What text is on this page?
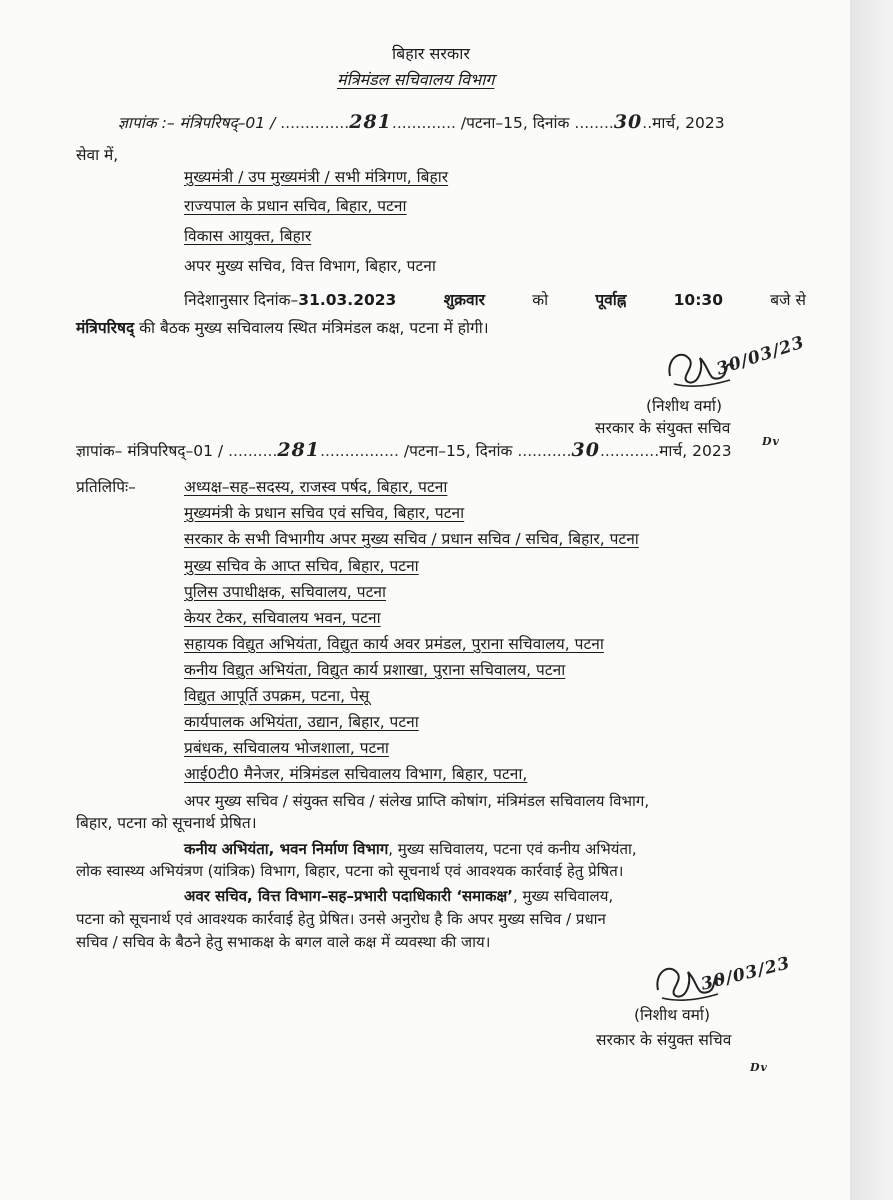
बिहार सरकार
मंत्रिमंडल सचिवालय विभाग
ज्ञापांक :– मंत्रिपरिषद्–01 / ..............281............. /पटना–15, दिनांक ........30..मार्च, 2023
सेवा में,
मुख्यमंत्री / उप मुख्यमंत्री / सभी मंत्रिगण, बिहार
राज्यपाल के प्रधान सचिव, बिहार, पटना
विकास आयुक्त, बिहार
अपर मुख्य सचिव, वित्त विभाग, बिहार, पटना
निदेशानुसार दिनांक–31.03.2023	शुक्रवार	को	पूर्वाह्न	10:30	बजे से
मंत्रिपरिषद् की बैठक मुख्य सचिवालय स्थित मंत्रिमंडल कक्ष, पटना में होगी।
30/03/23
(निशीथ वर्मा)
सरकार के संयुक्त सचिव
Dv
ज्ञापांक– मंत्रिपरिषद्–01 / ..........281................ /पटना–15, दिनांक ...........30............मार्च, 2023
प्रतिलिपिः–	अध्यक्ष–सह–सदस्य, राजस्व पर्षद, बिहार, पटना
मुख्यमंत्री के प्रधान सचिव एवं सचिव, बिहार, पटना
सरकार के सभी विभागीय अपर मुख्य सचिव / प्रधान सचिव / सचिव, बिहार, पटना
मुख्य सचिव के आप्त सचिव, बिहार, पटना
पुलिस उपाधीक्षक, सचिवालय, पटना
केयर टेकर, सचिवालय भवन, पटना
सहायक विद्युत अभियंता, विद्युत कार्य अवर प्रमंडल, पुराना सचिवालय, पटना
कनीय विद्युत अभियंता, विद्युत कार्य प्रशाखा, पुराना सचिवालय, पटना
विद्युत आपूर्ति उपक्रम, पटना, पेसू
कार्यपालक अभियंता, उद्यान, बिहार, पटना
प्रबंधक, सचिवालय भोजशाला, पटना
आई0टी0 मैनेजर, मंत्रिमंडल सचिवालय विभाग, बिहार, पटना,
अपर मुख्य सचिव / संयुक्त सचिव / संलेख प्राप्ति कोषांग, मंत्रिमंडल सचिवालय विभाग,
बिहार, पटना को सूचनार्थ प्रेषित।
कनीय अभियंता, भवन निर्माण विभाग, मुख्य सचिवालय, पटना एवं कनीय अभियंता,
लोक स्वास्थ्य अभियंत्रण (यांत्रिक) विभाग, बिहार, पटना को सूचनार्थ एवं आवश्यक कार्रवाई हेतु प्रेषित।
अवर सचिव, वित्त विभाग–सह–प्रभारी पदाधिकारी ‘समाकक्ष’, मुख्य सचिवालय,
पटना को सूचनार्थ एवं आवश्यक कार्रवाई हेतु प्रेषित। उनसे अनुरोध है कि अपर मुख्य सचिव / प्रधान
सचिव / सचिव के बैठने हेतु सभाकक्ष के बगल वाले कक्ष में व्यवस्था की जाय।
30/03/23
(निशीथ वर्मा)
सरकार के संयुक्त सचिव
Dv
